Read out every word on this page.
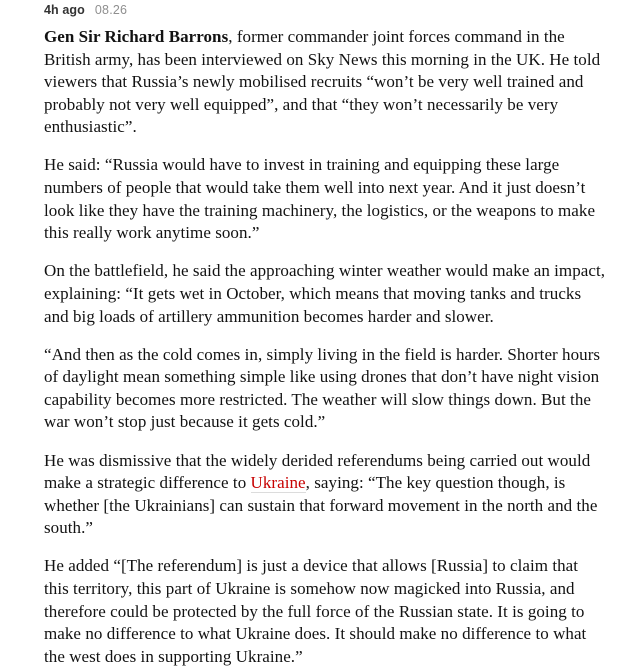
4h ago 08.26

Gen Sir Richard Barrons, former commander joint forces command in the British army, has been interviewed on Sky News this morning in the UK. He told viewers that Russia’s newly mobilised recruits “won’t be very well trained and probably not very well equipped”, and that “they won’t necessarily be very enthusiastic”.

He said: “Russia would have to invest in training and equipping these large numbers of people that would take them well into next year. And it just doesn’t look like they have the training machinery, the logistics, or the weapons to make this really work anytime soon.”

On the battlefield, he said the approaching winter weather would make an impact, explaining: “It gets wet in October, which means that moving tanks and trucks and big loads of artillery ammunition becomes harder and slower.

“And then as the cold comes in, simply living in the field is harder. Shorter hours of daylight mean something simple like using drones that don’t have night vision capability becomes more restricted. The weather will slow things down. But the war won’t stop just because it gets cold.”

He was dismissive that the widely derided referendums being carried out would make a strategic difference to Ukraine, saying: “The key question though, is whether [the Ukrainians] can sustain that forward movement in the north and the south.”

He added “[The referendum] is just a device that allows [Russia] to claim that this territory, this part of Ukraine is somehow now magicked into Russia, and therefore could be protected by the full force of the Russian state. It is going to make no difference to what Ukraine does. It should make no difference to what the west does in supporting Ukraine.”
